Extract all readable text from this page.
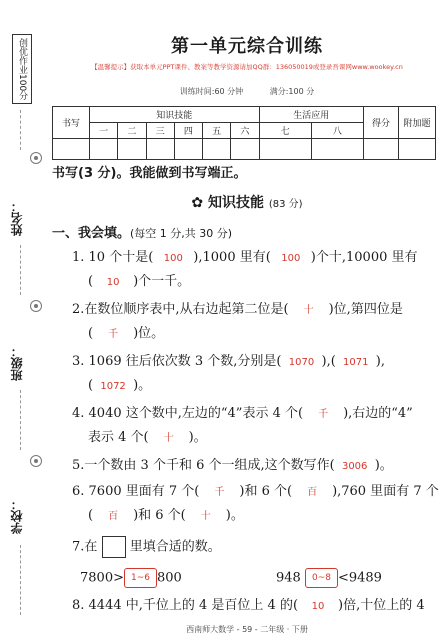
创优作业100分
姓名：
班级：
学校：
第一单元综合训练
【温馨提示】获取本单元PPT课件、教案等教学资源请加QQ群：136050019或登录吾课网www.wookey.cn
训练时间:60 分钟	满分:100 分
书写	知识技能						生活应用		得分	附加题
	一	二	三	四	五	六	七	八		

书写(3 分)。我能做到书写端正。
✿ 知识技能 (83 分)
一、我会填。(每空 1 分,共 30 分)
1. 10 个十是( 100 ),1000 里有( 100 )个十,10000 里有
( 10 )个一千。
2.在数位顺序表中,从右边起第二位是( 十 )位,第四位是
( 千 )位。
3. 1069 往后依次数 3 个数,分别是( 1070 ),( 1071 ),
( 1072 )。
4. 4040 这个数中,左边的“4”表示 4 个( 千 ),右边的“4”
表示 4 个( 十 )。
5.一个数由 3 个千和 6 个一组成,这个数写作( 3006 )。
6. 7600 里面有 7 个( 千 )和 6 个( 百 ),760 里面有 7 个
( 百 )和 6 个( 十 )。
7.在 里填合适的数。
7800> 1~6 800	948 0~8 <9489
8. 4444 中,千位上的 4 是百位上 4 的( 10 )倍,十位上的 4
西南师大数学 - 59 - 二年级 · 下册
